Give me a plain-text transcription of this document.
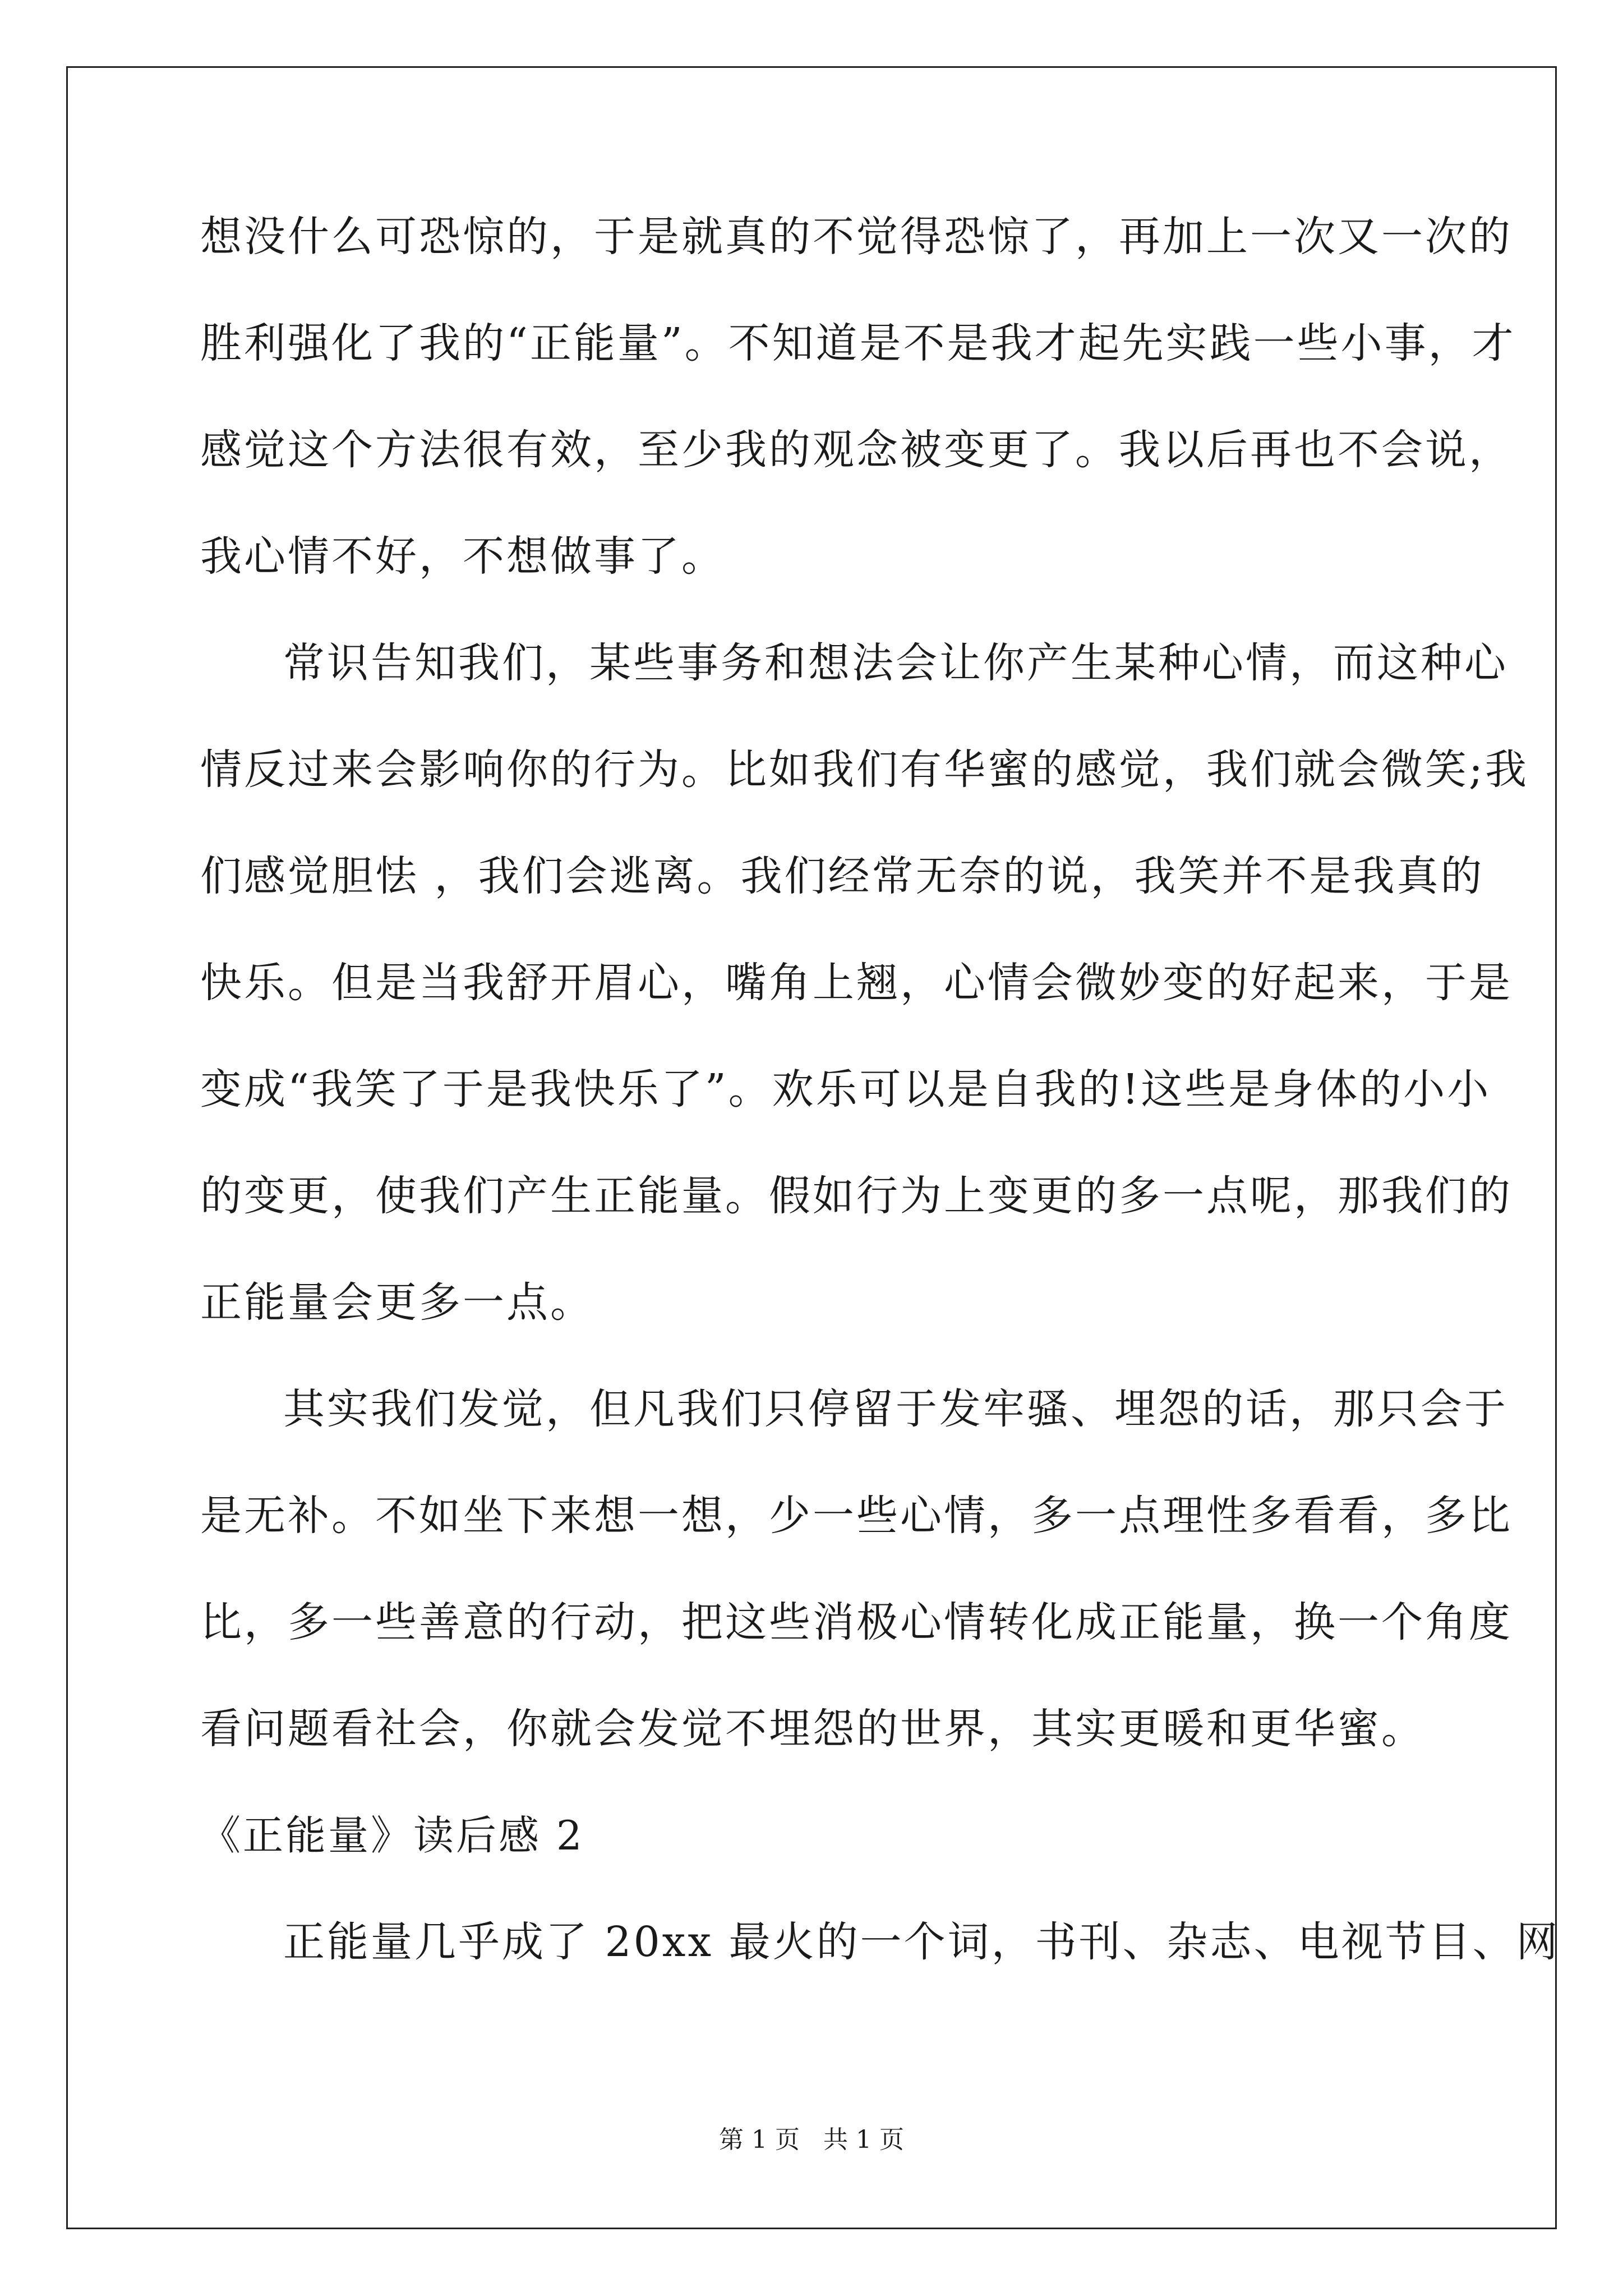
想没什么可恐惊的，于是就真的不觉得恐惊了，再加上一次又一次的
胜利强化了我的“正能量”。不知道是不是我才起先实践一些小事，才
感觉这个方法很有效，至少我的观念被变更了。我以后再也不会说，
我心情不好，不想做事了。
常识告知我们，某些事务和想法会让你产生某种心情，而这种心
情反过来会影响你的行为。比如我们有华蜜的感觉，我们就会微笑;我
们感觉胆怯 ，我们会逃离。我们经常无奈的说，我笑并不是我真的
快乐。但是当我舒开眉心，嘴角上翘，心情会微妙变的好起来，于是
变成“我笑了于是我快乐了”。欢乐可以是自我的!这些是身体的小小
的变更，使我们产生正能量。假如行为上变更的多一点呢，那我们的
正能量会更多一点。
其实我们发觉，但凡我们只停留于发牢骚、埋怨的话，那只会于
是无补。不如坐下来想一想，少一些心情，多一点理性多看看，多比
比，多一些善意的行动，把这些消极心情转化成正能量，换一个角度
看问题看社会，你就会发觉不埋怨的世界，其实更暖和更华蜜。
《正能量》读后感 2
正能量几乎成了 20xx 最火的一个词，书刊、杂志、电视节目、网
第 1 页   共 1 页
